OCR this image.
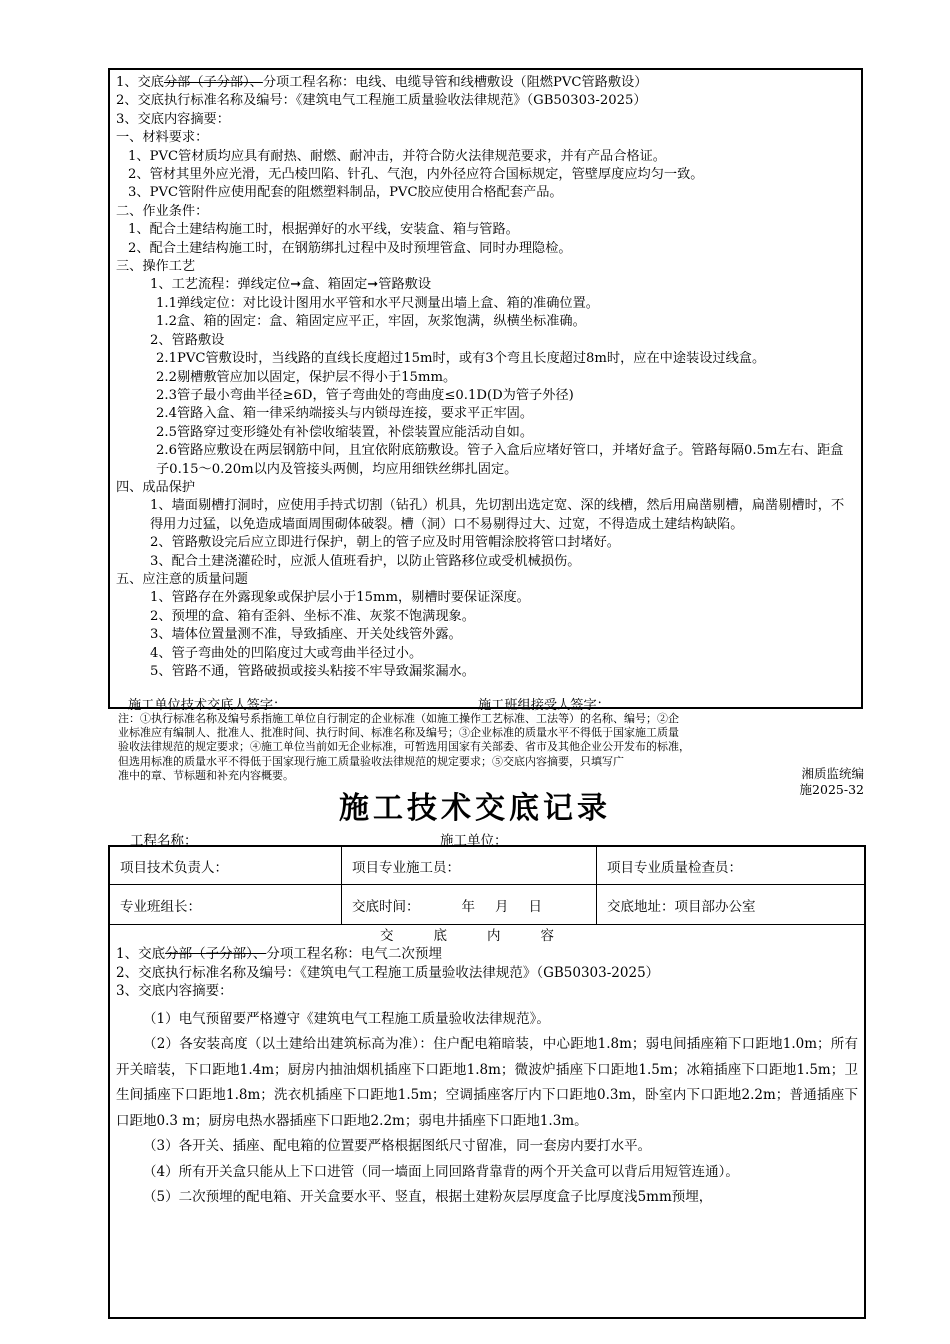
1、交底分部（子分部）、分项工程名称：电线、电缆导管和线槽敷设（阻燃PVC管路敷设）
2、交底执行标准名称及编号：《建筑电气工程施工质量验收法律规范》（GB50303-2025）
3、交底内容摘要：
一、材料要求：
1、PVC管材质均应具有耐热、耐燃、耐冲击，并符合防火法律规范要求，并有产品合格证。
2、管材其里外应光滑，无凸棱凹陷、针孔、气泡，内外径应符合国标规定，管壁厚度应均匀一致。
3、PVC管附件应使用配套的阻燃塑料制品，PVC胶应使用合格配套产品。
二、作业条件：
1、配合土建结构施工时，根据弹好的水平线，安装盒、箱与管路。
2、配合土建结构施工时，在钢筋绑扎过程中及时预埋管盒、同时办理隐检。
三、操作工艺
1、工艺流程：弹线定位➞盒、箱固定➞管路敷设
1.1弹线定位：对比设计图用水平管和水平尺测量出墙上盒、箱的准确位置。
1.2盒、箱的固定：盒、箱固定应平正，牢固，灰浆饱满，纵横坐标准确。
2、管路敷设
2.1PVC管敷设时，当线路的直线长度超过15m时，或有3个弯且长度超过8m时，应在中途装设过线盒。
2.2剔槽敷管应加以固定，保护层不得小于15mm。
2.3管子最小弯曲半径≥6D，管子弯曲处的弯曲度≤0.1D(D为管子外径)
2.4管路入盒、箱一律采纳端接头与内锁母连接，要求平正牢固。
2.5管路穿过变形缝处有补偿收缩装置，补偿装置应能活动自如。
2.6管路应敷设在两层钢筋中间，且宜依附底筋敷设。管子入盒后应堵好管口，并堵好盒子。管路每隔0.5m左右、距盒子0.15～0.20m以内及管接头两侧，均应用细铁丝绑扎固定。
四、成品保护
1、墙面剔槽打洞时，应使用手持式切割（钻孔）机具，先切割出选定宽、深的线槽，然后用扁凿剔槽，扁凿剔槽时，不得用力过猛，以免造成墙面周围砌体破裂。槽（洞）口不易剔得过大、过宽，不得造成土建结构缺陷。
2、管路敷设完后应立即进行保护，朝上的管子应及时用管帽涂胶将管口封堵好。
3、配合土建浇灌砼时，应派人值班看护，以防止管路移位或受机械损伤。
五、应注意的质量问题
1、管路存在外露现象或保护层小于15mm，剔槽时要保证深度。
2、预埋的盒、箱有歪斜、坐标不准、灰浆不饱满现象。
3、墙体位置量测不准，导致插座、开关处线管外露。
4、管子弯曲处的凹陷度过大或弯曲半径过小。
5、管路不通，管路破损或接头粘接不牢导致漏浆漏水。
施工单位技术交底人签字：	施工班组接受人签字：

注：①执行标准名称及编号系指施工单位自行制定的企业标准（如施工操作工艺标准、工法等）的名称、编号；②企

业标准应有编制人、批准人、批准时间、执行时间、标准名称及编号；③企业标准的质量水平不得低于国家施工质量

验收法律规范的规定要求；④施工单位当前如无企业标准，可暂选用国家有关部委、省市及其他企业公开发布的标准，

但选用标准的质量水平不得低于国家现行施工质量验收法律规范的规定要求；⑤交底内容摘要，只填写广

准中的章、节标题和补充内容概要。	湘质监统编
施2025-32
施工技术交底记录
工程名称：	施工单位：
项目技术负责人：	项目专业施工员：	项目专业质量检查员：
专业班组长：	交底时间：	年	月	日	交底地址：项目部办公室
交底内容
1、交底分部（子分部）、分项工程名称：电气二次预埋
2、交底执行标准名称及编号：《建筑电气工程施工质量验收法律规范》（GB50303-2025）
3、交底内容摘要：

（1）电气预留要严格遵守《建筑电气工程施工质量验收法律规范》。

（2）各安装高度（以土建给出建筑标高为准）：住户配电箱暗装，中心距地1.8m；弱电间插座箱下口距地1.0m；所有开关暗装，下口距地1.4m；厨房内抽油烟机插座下口距地1.8m；微波炉插座下口距地1.5m；冰箱插座下口距地1.5m；卫生间插座下口距地1.8m；洗衣机插座下口距地1.5m；空调插座客厅内下口距地0.3m，卧室内下口距地2.2m；普通插座下口距地0.3 m；厨房电热水器插座下口距地2.2m；弱电井插座下口距地1.3m。

（3）各开关、插座、配电箱的位置要严格根据图纸尺寸留准，同一套房内要打水平。

（4）所有开关盒只能从上下口进管（同一墙面上同回路背靠背的两个开关盒可以背后用短管连通）。

（5）二次预埋的配电箱、开关盒要水平、竖直，根据土建粉灰层厚度盒子比厚度浅5mm预埋，
